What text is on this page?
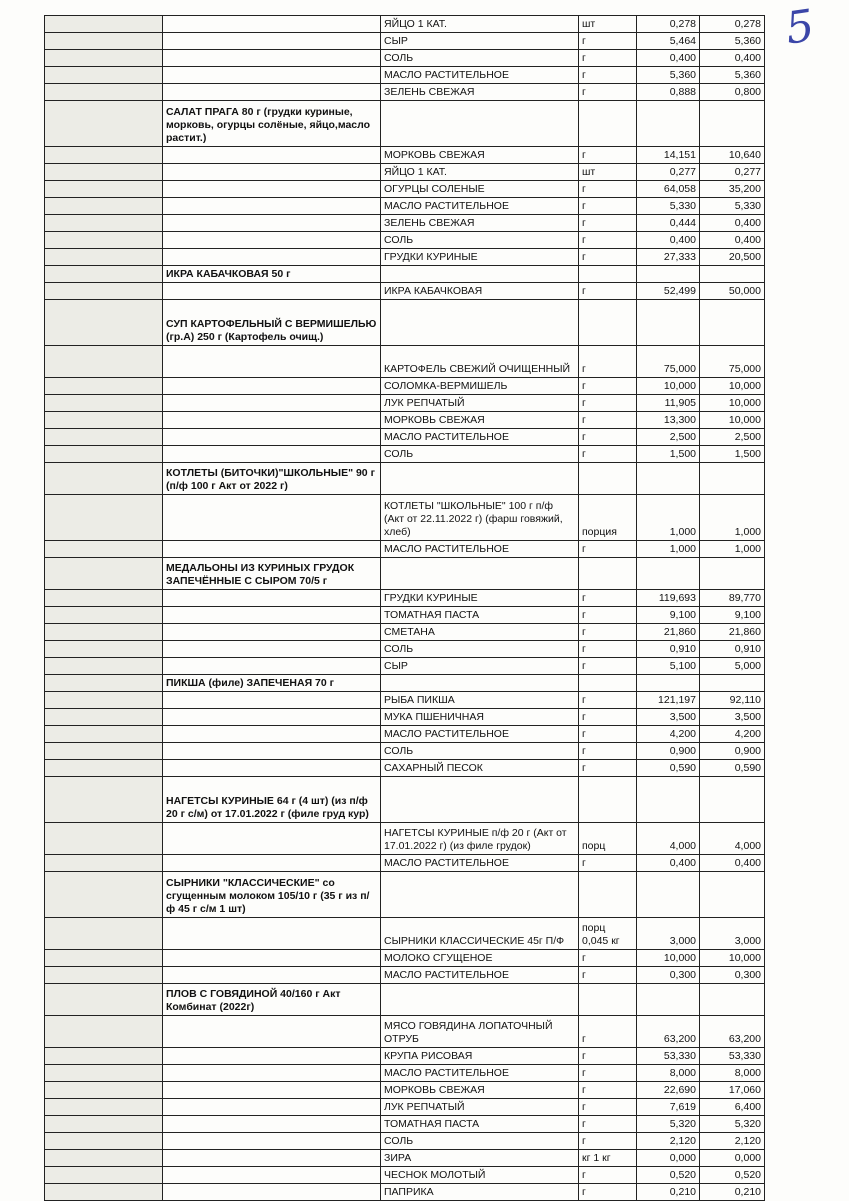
5
		ЯЙЦО 1 КАТ.	шт	0,278	0,278
		СЫР	г	5,464	5,360
		СОЛЬ	г	0,400	0,400
		МАСЛО РАСТИТЕЛЬНОЕ	г	5,360	5,360
		ЗЕЛЕНЬ СВЕЖАЯ	г	0,888	0,800
	САЛАТ ПРАГА 80 г (грудки куриные, морковь, огурцы солёные, яйцо,масло растит.)				
		МОРКОВЬ СВЕЖАЯ	г	14,151	10,640
		ЯЙЦО 1 КАТ.	шт	0,277	0,277
		ОГУРЦЫ СОЛЕНЫЕ	г	64,058	35,200
		МАСЛО РАСТИТЕЛЬНОЕ	г	5,330	5,330
		ЗЕЛЕНЬ СВЕЖАЯ	г	0,444	0,400
		СОЛЬ	г	0,400	0,400
		ГРУДКИ КУРИНЫЕ	г	27,333	20,500
	ИКРА КАБАЧКОВАЯ 50 г				
		ИКРА КАБАЧКОВАЯ	г	52,499	50,000
	СУП КАРТОФЕЛЬНЫЙ С ВЕРМИШЕЛЬЮ (гр.А) 250 г (Картофель очищ.)				
		КАРТОФЕЛЬ СВЕЖИЙ ОЧИЩЕННЫЙ	г	75,000	75,000
		СОЛОМКА-ВЕРМИШЕЛЬ	г	10,000	10,000
		ЛУК РЕПЧАТЫЙ	г	11,905	10,000
		МОРКОВЬ СВЕЖАЯ	г	13,300	10,000
		МАСЛО РАСТИТЕЛЬНОЕ	г	2,500	2,500
		СОЛЬ	г	1,500	1,500
	КОТЛЕТЫ (БИТОЧКИ)"ШКОЛЬНЫЕ" 90 г (п/ф 100 г Акт от 2022 г)				
		КОТЛЕТЫ "ШКОЛЬНЫЕ" 100 г п/ф (Акт от 22.11.2022 г) (фарш говяжий, хлеб)	порция	1,000	1,000
		МАСЛО РАСТИТЕЛЬНОЕ	г	1,000	1,000
	МЕДАЛЬОНЫ ИЗ КУРИНЫХ ГРУДОК ЗАПЕЧЁННЫЕ С СЫРОМ 70/5 г				
		ГРУДКИ КУРИНЫЕ	г	119,693	89,770
		ТОМАТНАЯ ПАСТА	г	9,100	9,100
		СМЕТАНА	г	21,860	21,860
		СОЛЬ	г	0,910	0,910
		СЫР	г	5,100	5,000
	ПИКША (филе) ЗАПЕЧЕНАЯ 70 г				
		РЫБА ПИКША	г	121,197	92,110
		МУКА ПШЕНИЧНАЯ	г	3,500	3,500
		МАСЛО РАСТИТЕЛЬНОЕ	г	4,200	4,200
		СОЛЬ	г	0,900	0,900
		САХАРНЫЙ ПЕСОК	г	0,590	0,590
	НАГЕТСЫ КУРИНЫЕ 64 г (4 шт) (из п/ф 20 г с/м) от 17.01.2022 г (филе груд кур)				
		НАГЕТСЫ КУРИНЫЕ п/ф 20 г (Акт от 17.01.2022 г) (из филе грудок)	порц	4,000	4,000
		МАСЛО РАСТИТЕЛЬНОЕ	г	0,400	0,400
	СЫРНИКИ "КЛАССИЧЕСКИЕ" со сгущенным молоком 105/10 г (35 г из п/ф 45 г с/м 1 шт)				
		СЫРНИКИ КЛАССИЧЕСКИЕ 45г П/Ф	порц 0,045 кг	3,000	3,000
		МОЛОКО СГУЩЕНОЕ	г	10,000	10,000
		МАСЛО РАСТИТЕЛЬНОЕ	г	0,300	0,300
	ПЛОВ С ГОВЯДИНОЙ 40/160 г Акт Комбинат (2022г)				
		МЯСО ГОВЯДИНА ЛОПАТОЧНЫЙ ОТРУБ	г	63,200	63,200
		КРУПА РИСОВАЯ	г	53,330	53,330
		МАСЛО РАСТИТЕЛЬНОЕ	г	8,000	8,000
		МОРКОВЬ СВЕЖАЯ	г	22,690	17,060
		ЛУК РЕПЧАТЫЙ	г	7,619	6,400
		ТОМАТНАЯ ПАСТА	г	5,320	5,320
		СОЛЬ	г	2,120	2,120
		ЗИРА	кг 1 кг	0,000	0,000
		ЧЕСНОК МОЛОТЫЙ	г	0,520	0,520
		ПАПРИКА	г	0,210	0,210
